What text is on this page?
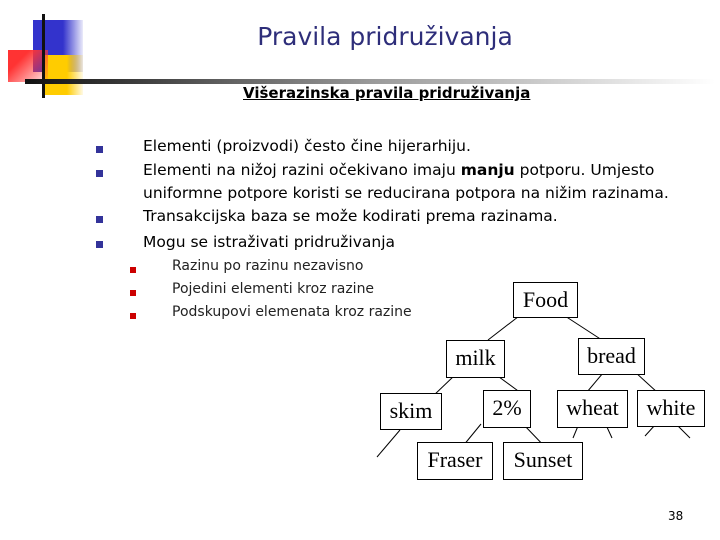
Pravila pridruživanja
Višerazinska pravila pridruživanja
Elementi (proizvodi) često čine hijerarhiju.
Elementi na nižoj razini očekivano imaju manju potporu. Umjesto
uniformne potpore koristi se reducirana potpora na nižim razinama.
Transakcijska baza se može kodirati prema razinama.
Mogu se istraživati pridruživanja
Razinu po razinu nezavisno
Pojedini elementi kroz razine
Podskupovi elemenata kroz razine	Food
milk	bread
skim	2%	wheat	white
Fraser	Sunset
38
